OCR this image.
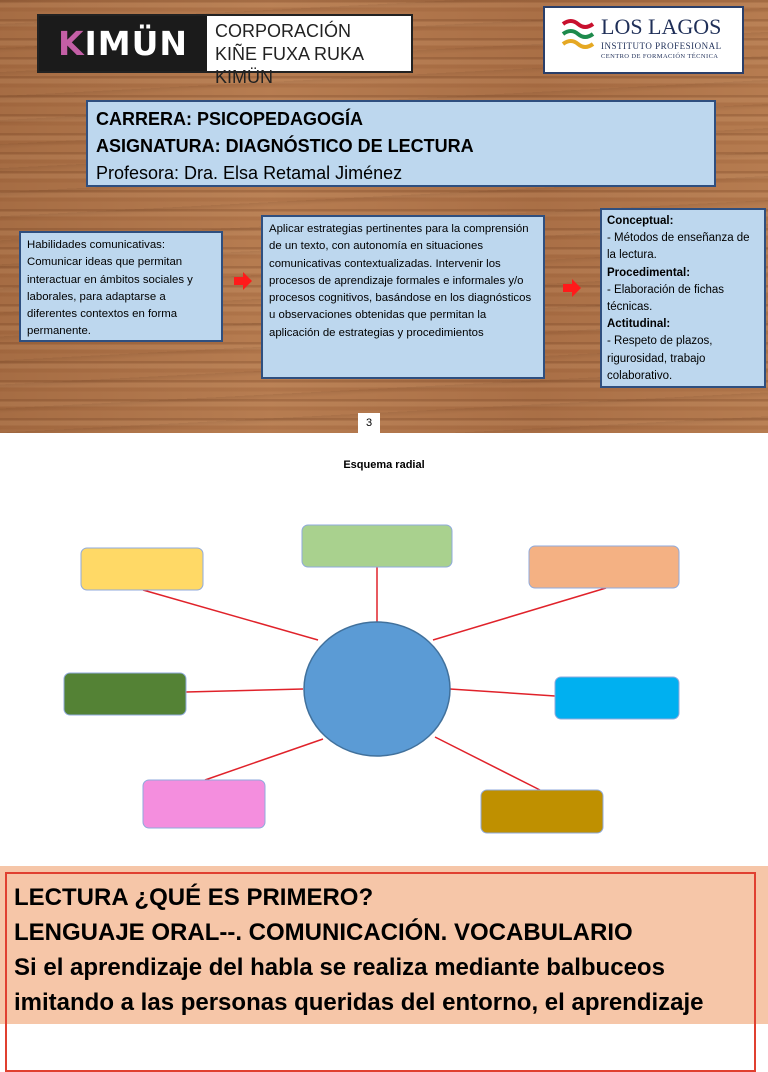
KIMÜN CORPORACIÓN
KIÑE FUXA RUKA KIMÜN
LOS LAGOS
INSTITUTO PROFESIONAL
CENTRO DE FORMACIÓN TÉCNICA
CARRERA: PSICOPEDAGOGÍA
ASIGNATURA: DIAGNÓSTICO DE LECTURA
Profesora: Dra. Elsa Retamal Jiménez

Habilidades comunicativas: Comunicar ideas que permitan interactuar en ámbitos sociales y laborales, para adaptarse a diferentes contextos en forma permanente.

Aplicar estrategias pertinentes para la comprensión de un texto, con autonomía en situaciones comunicativas contextualizadas. Intervenir los procesos de aprendizaje formales e informales y/o procesos cognitivos, basándose en los diagnósticos u observaciones obtenidas que permitan la aplicación de estrategias y procedimientos

Conceptual:
- Métodos de enseñanza de la lectura.
Procedimental:
- Elaboración de fichas técnicas.
Actitudinal:
- Respeto de plazos, rigurosidad, trabajo colaborativo.
3
Esquema radial
LECTURA ¿QUÉ ES PRIMERO?
LENGUAJE ORAL--. COMUNICACIÓN. VOCABULARIO
Si el aprendizaje del habla se realiza mediante balbuceos
imitando a las personas queridas del entorno, el aprendizaje
